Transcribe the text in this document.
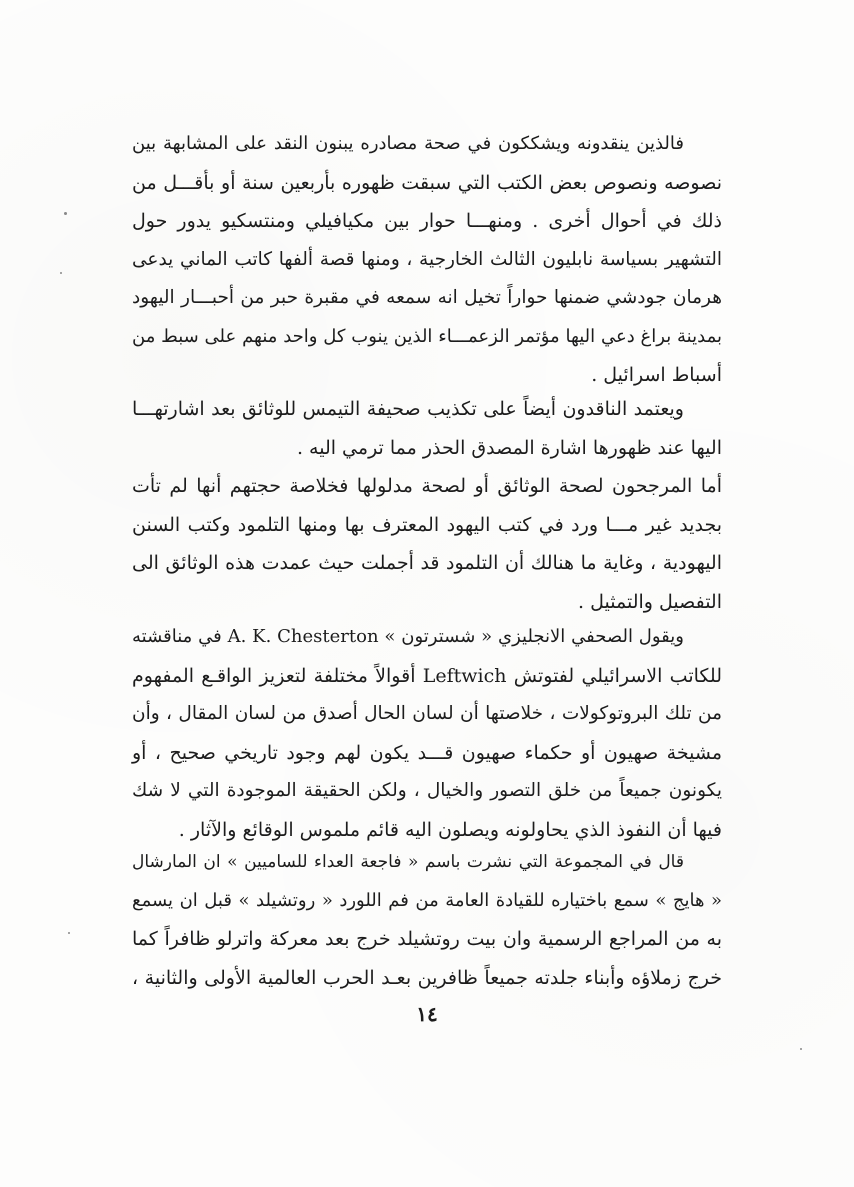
فالذين ينقدونه ويشككون في صحة مصادره يبنون النقد على المشابهة بين
نصوصه ونصوص بعض الكتب التي سبقت ظهوره بأربعين سنة أو بأقـــل من
ذلك في أحوال أخرى . ومنهـــا حوار بين مكيافيلي ومنتسكيو يدور حول
التشهير بسياسة نابليون الثالث الخارجية ، ومنها قصة ألفها كاتب الماني يدعى
هرمان جودشي ضمنها حواراً تخيل انه سمعه في مقبرة حبر من أحبـــار اليهود
بمدينة براغ دعي اليها مؤتمر الزعمـــاء الذين ينوب كل واحد منهم على سبط من
أسباط اسرائيل .
ويعتمد الناقدون أيضاً على تكذيب صحيفة التيمس للوثائق بعد اشارتهـــا
اليها عند ظهورها اشارة المصدق الحذر مما ترمي اليه .
أما المرجحون لصحة الوثائق أو لصحة مدلولها فخلاصة حجتهم أنها لم تأت
بجديد غير مـــا ورد في كتب اليهود المعترف بها ومنها التلمود وكتب السنن
اليهودية ، وغاية ما هنالك أن التلمود قد أجملت حيث عمدت هذه الوثائق الى
التفصيل والتمثيل .
ويقول الصحفي الانجليزي « شسترتون » A. K. Chesterton في مناقشته
للكاتب الاسرائيلي لفتوتش Leftwich أقوالاً مختلفة لتعزيز الواقـع المفهوم
من تلك البروتوكولات ، خلاصتها أن لسان الحال أصدق من لسان المقال ، وأن
مشيخة صهيون أو حكماء صهيون قـــد يكون لهم وجود تاريخي صحيح ، أو
يكونون جميعاً من خلق التصور والخيال ، ولكن الحقيقة الموجودة التي لا شك
فيها أن النفوذ الذي يحاولونه ويصلون اليه قائم ملموس الوقائع والآثار .
قال في المجموعة التي نشرت باسم « فاجعة العداء للساميين » ان المارشال
« هايج » سمع باختياره للقيادة العامة من فم اللورد « روتشيلد » قبل ان يسمع
به من المراجع الرسمية وان بيت روتشيلد خرج بعد معركة واترلو ظافراً كما
خرج زملاؤه وأبناء جلدته جميعاً ظافرين بعـد الحرب العالمية الأولى والثانية ،
١٤
